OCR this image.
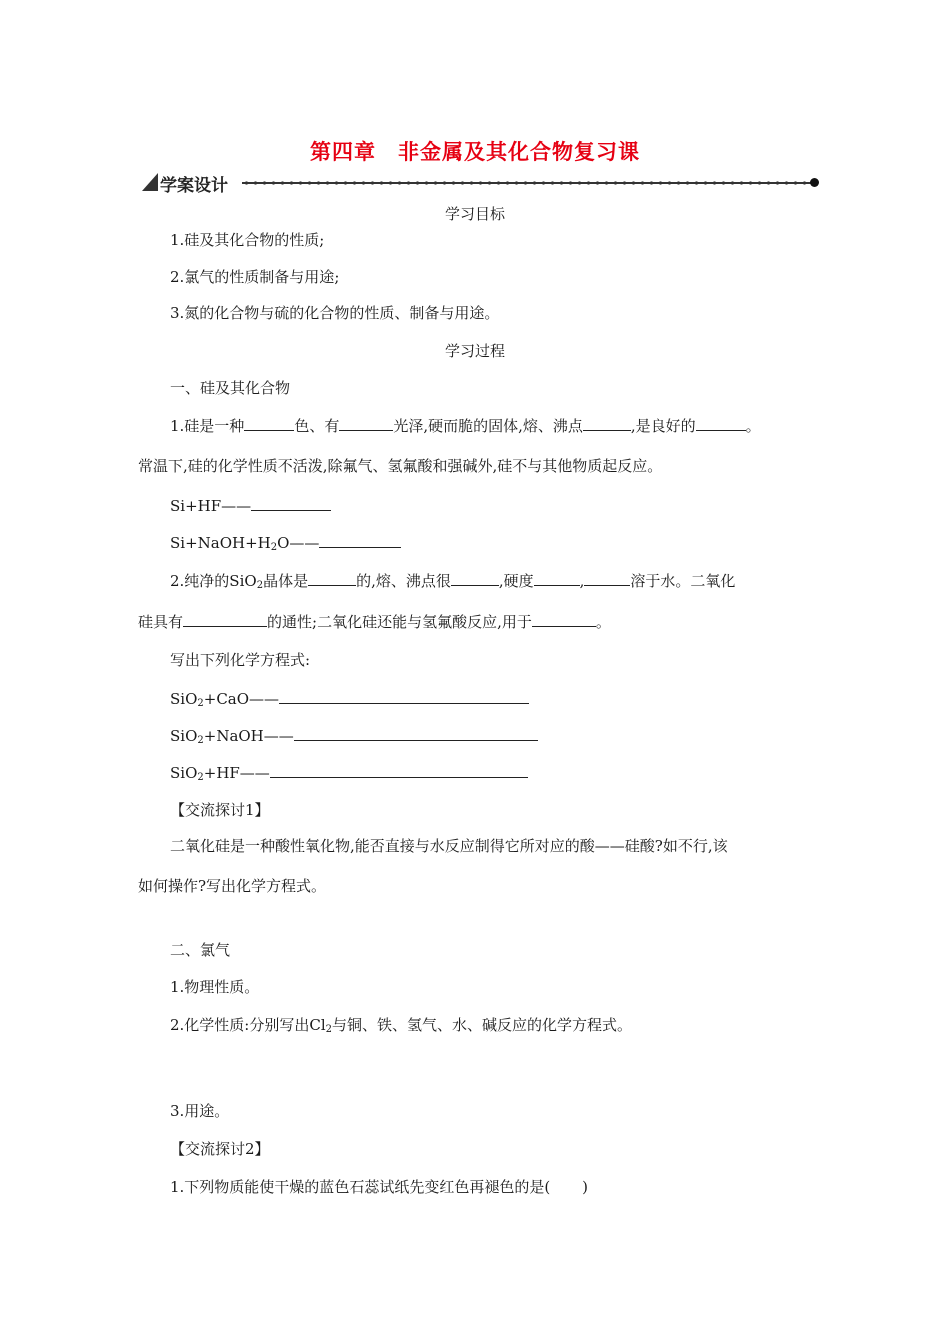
第四章　非金属及其化合物复习课
学案设计
学习目标
1.硅及其化合物的性质;
2.氯气的性质制备与用途;
3.氮的化合物与硫的化合物的性质、制备与用途。
学习过程
一、硅及其化合物
1.硅是一种	色、有	光泽,硬而脆的固体,熔、沸点	,是良好的	。
常温下,硅的化学性质不活泼,除氟气、氢氟酸和强碱外,硅不与其他物质起反应。
Si+HF——
$Si+NaOH+H_2O——$
2.纯净的SiO$_2$晶体是	的,熔、沸点很	,硬度	,	溶于水。二氧化
硅具有	的通性;二氧化硅还能与氢氟酸反应,用于	。
写出下列化学方程式:
SiO$_2$+CaO——
SiO$_2$+NaOH——
SiO$_2$+HF——
【交流探讨1】
二氧化硅是一种酸性氧化物,能否直接与水反应制得它所对应的酸——硅酸?如不行,该
如何操作?写出化学方程式。
二、氯气
1.物理性质。
2.化学性质:分别写出$Cl_2$与铜、铁、氢气、水、碱反应的化学方程式。
3.用途。
【交流探讨2】
1.下列物质能使干燥的蓝色石蕊试纸先变红色再褪色的是( )
